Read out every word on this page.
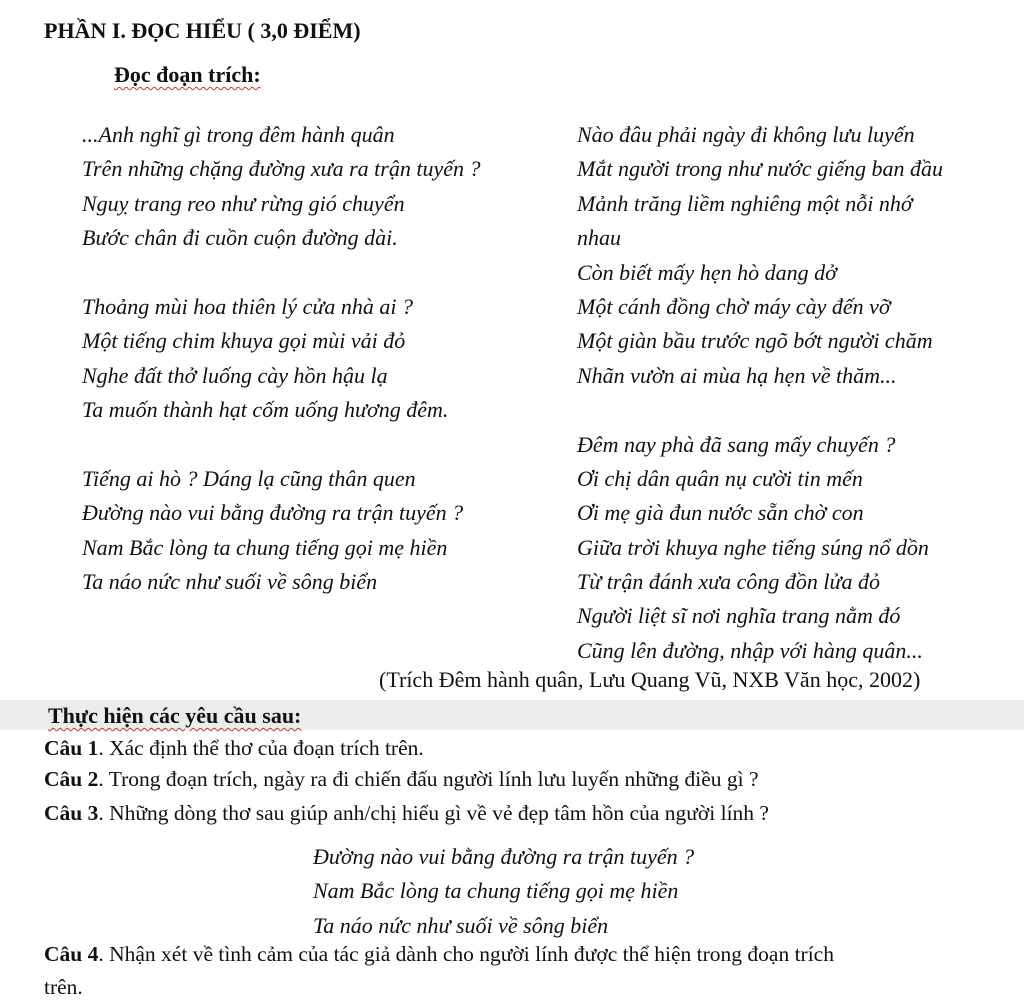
PHẦN I. ĐỌC HIỂU ( 3,0 ĐIỂM)
Đọc đoạn trích:
...Anh nghĩ gì trong đêm hành quân
Trên những chặng đường xưa ra trận tuyến ?
Nguỵ trang reo như rừng gió chuyển
Bước chân đi cuồn cuộn đường dài.
Thoảng mùi hoa thiên lý cửa nhà ai ?
Một tiếng chim khuya gọi mùi vải đỏ
Nghe đất thở luống cày hồn hậu lạ
Ta muốn thành hạt cốm uống hương đêm.
Tiếng ai hò ? Dáng lạ cũng thân quen
Đường nào vui bằng đường ra trận tuyến ?
Nam Bắc lòng ta chung tiếng gọi mẹ hiền
Ta náo nức như suối về sông biển
Nào đâu phải ngày đi không lưu luyến
Mắt người trong như nước giếng ban đầu
Mảnh trăng liềm nghiêng một nỗi nhớ
nhau
Còn biết mấy hẹn hò dang dở
Một cánh đồng chờ máy cày đến vỡ
Một giàn bầu trước ngõ bớt người chăm
Nhãn vườn ai mùa hạ hẹn về thăm...
Đêm nay phà đã sang mấy chuyến ?
Ơi chị dân quân nụ cười tin mến
Ơi mẹ già đun nước sẵn chờ con
Giữa trời khuya nghe tiếng súng nổ dồn
Từ trận đánh xưa công đồn lửa đỏ
Người liệt sĩ nơi nghĩa trang nằm đó
Cũng lên đường, nhập với hàng quân...
(Trích Đêm hành quân, Lưu Quang Vũ, NXB Văn học, 2002)
Thực hiện các yêu cầu sau:
Câu 1. Xác định thể thơ của đoạn trích trên.
Câu 2. Trong đoạn trích, ngày ra đi chiến đấu người lính lưu luyến những điều gì ?
Câu 3. Những dòng thơ sau giúp anh/chị hiểu gì về vẻ đẹp tâm hồn của người lính ?
Đường nào vui bằng đường ra trận tuyến ?
Nam Bắc lòng ta chung tiếng gọi mẹ hiền
Ta náo nức như suối về sông biển
Câu 4. Nhận xét về tình cảm của tác giả dành cho người lính được thể hiện trong đoạn trích
trên.
